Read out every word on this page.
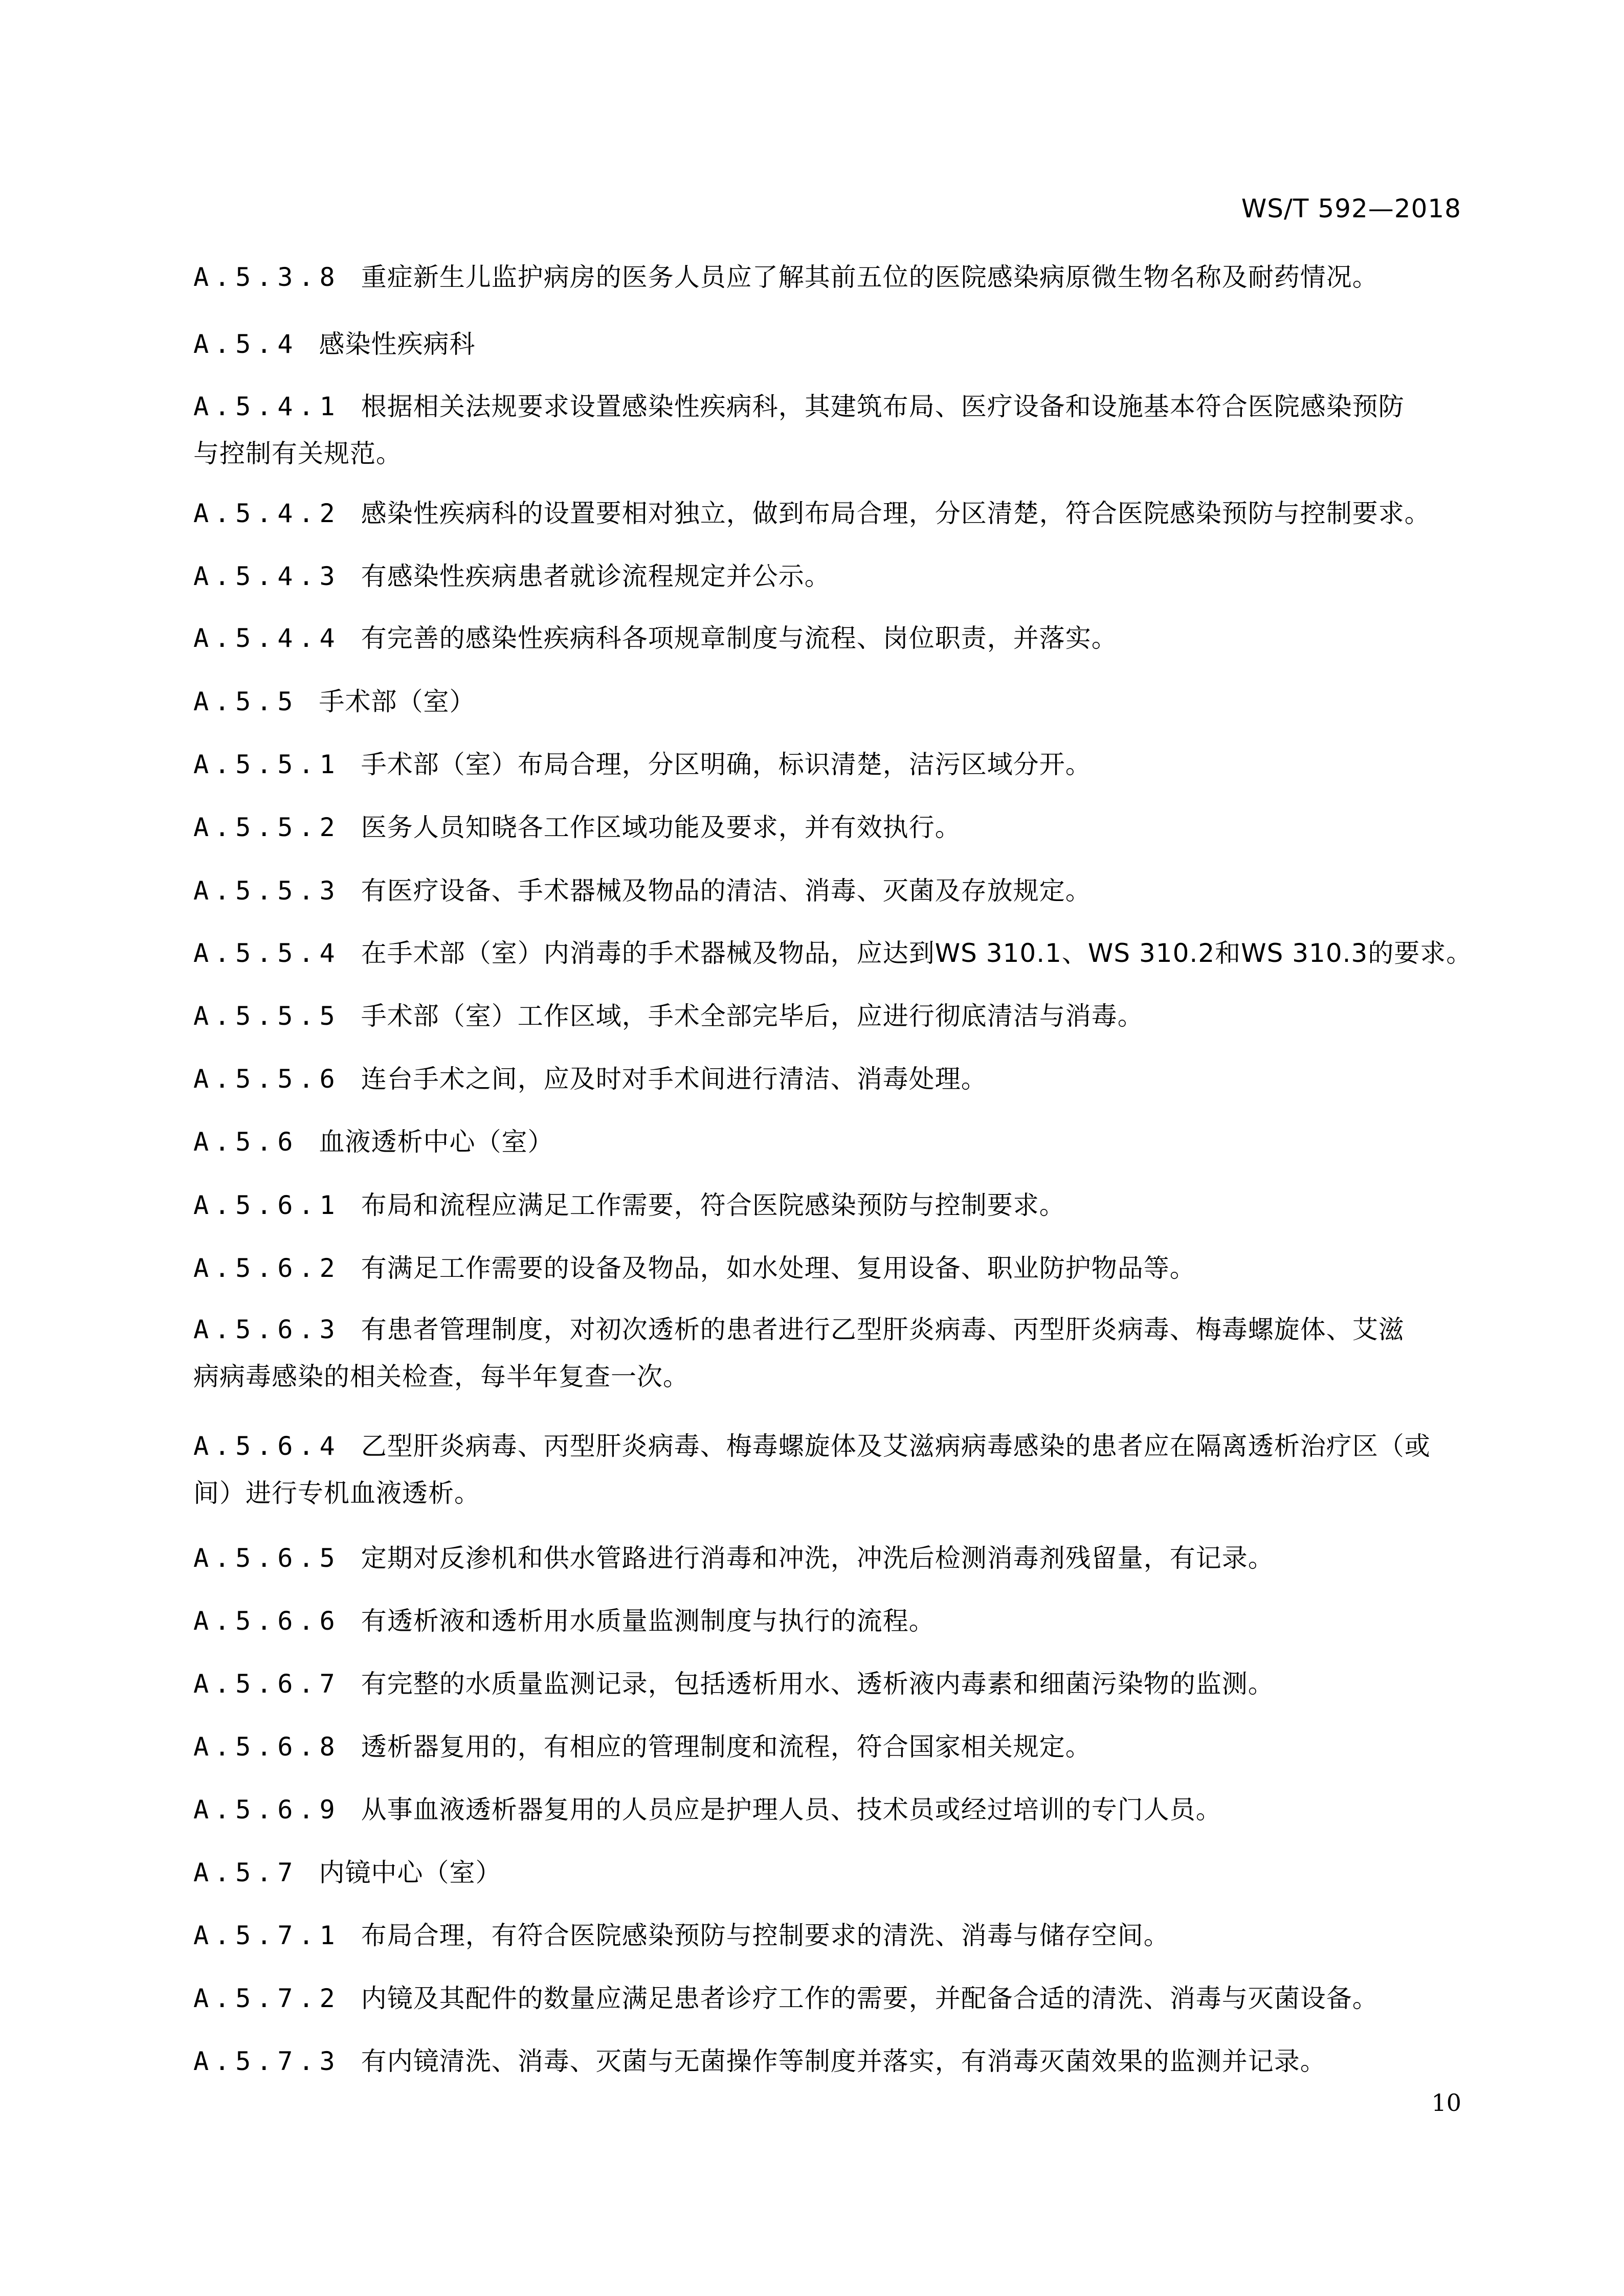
WS/T 592—2018
A.5.3.8 重症新生儿监护病房的医务人员应了解其前五位的医院感染病原微生物名称及耐药情况。
A.5.4 感染性疾病科
A.5.4.1 根据相关法规要求设置感染性疾病科，其建筑布局、医疗设备和设施基本符合医院感染预防
与控制有关规范。
A.5.4.2 感染性疾病科的设置要相对独立，做到布局合理，分区清楚，符合医院感染预防与控制要求。
A.5.4.3 有感染性疾病患者就诊流程规定并公示。
A.5.4.4 有完善的感染性疾病科各项规章制度与流程、岗位职责，并落实。
A.5.5 手术部（室）
A.5.5.1 手术部（室）布局合理，分区明确，标识清楚，洁污区域分开。
A.5.5.2 医务人员知晓各工作区域功能及要求，并有效执行。
A.5.5.3 有医疗设备、手术器械及物品的清洁、消毒、灭菌及存放规定。
A.5.5.4 在手术部（室）内消毒的手术器械及物品，应达到WS 310.1、WS 310.2和WS 310.3的要求。
A.5.5.5 手术部（室）工作区域，手术全部完毕后，应进行彻底清洁与消毒。
A.5.5.6 连台手术之间，应及时对手术间进行清洁、消毒处理。
A.5.6 血液透析中心（室）
A.5.6.1 布局和流程应满足工作需要，符合医院感染预防与控制要求。
A.5.6.2 有满足工作需要的设备及物品，如水处理、复用设备、职业防护物品等。
A.5.6.3 有患者管理制度，对初次透析的患者进行乙型肝炎病毒、丙型肝炎病毒、梅毒螺旋体、艾滋
病病毒感染的相关检查，每半年复查一次。
A.5.6.4 乙型肝炎病毒、丙型肝炎病毒、梅毒螺旋体及艾滋病病毒感染的患者应在隔离透析治疗区（或
间）进行专机血液透析。
A.5.6.5 定期对反渗机和供水管路进行消毒和冲洗，冲洗后检测消毒剂残留量，有记录。
A.5.6.6 有透析液和透析用水质量监测制度与执行的流程。
A.5.6.7 有完整的水质量监测记录，包括透析用水、透析液内毒素和细菌污染物的监测。
A.5.6.8 透析器复用的，有相应的管理制度和流程，符合国家相关规定。
A.5.6.9 从事血液透析器复用的人员应是护理人员、技术员或经过培训的专门人员。
A.5.7 内镜中心（室）
A.5.7.1 布局合理，有符合医院感染预防与控制要求的清洗、消毒与储存空间。
A.5.7.2 内镜及其配件的数量应满足患者诊疗工作的需要，并配备合适的清洗、消毒与灭菌设备。
A.5.7.3 有内镜清洗、消毒、灭菌与无菌操作等制度并落实，有消毒灭菌效果的监测并记录。
10
